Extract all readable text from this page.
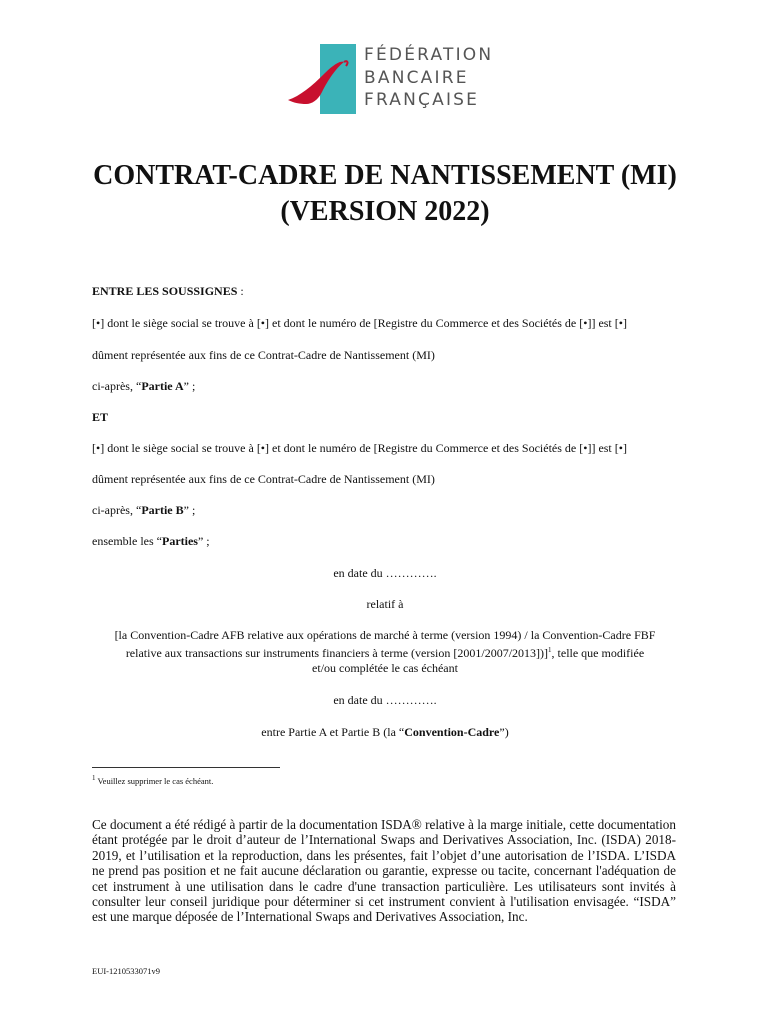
FÉDÉRATION
BANCAIRE
FRANÇAISE
CONTRAT-CADRE DE NANTISSEMENT (MI)
(VERSION 2022)
ENTRE LES SOUSSIGNES :
[•] dont le siège social se trouve à [•] et dont le numéro de [Registre du Commerce et des Sociétés de [•]] est [•]
dûment représentée aux fins de ce Contrat-Cadre de Nantissement (MI)
ci-après, “Partie A” ;
ET
[•] dont le siège social se trouve à [•] et dont le numéro de [Registre du Commerce et des Sociétés de [•]] est [•]
dûment représentée aux fins de ce Contrat-Cadre de Nantissement (MI)
ci-après, “Partie B” ;
ensemble les “Parties” ;
en date du ………….
relatif à
[la Convention-Cadre AFB relative aux opérations de marché à terme (version 1994) / la Convention-Cadre FBF
relative aux transactions sur instruments financiers à terme (version [2001/2007/2013])]$^1$, telle que modifiée
et/ou complétée le cas échéant
en date du ………….
entre Partie A et Partie B (la “Convention-Cadre”)
$^1$ Veuillez supprimer le cas échéant.
Ce document a été rédigé à partir de la documentation ISDA® relative à la marge initiale, cette documentation étant protégée par le droit d’auteur de l’International Swaps and Derivatives Association, Inc. (ISDA) 2018-2019, et l’utilisation et la reproduction, dans les présentes, fait l’objet d’une autorisation de l’ISDA. L’ISDA ne prend pas position et ne fait aucune déclaration ou garantie, expresse ou tacite, concernant l'adéquation de cet instrument à une utilisation dans le cadre d'une transaction particulière. Les utilisateurs sont invités à consulter leur conseil juridique pour déterminer si cet instrument convient à l'utilisation envisagée. “ISDA” est une marque déposée de l’International Swaps and Derivatives Association, Inc.
EUI-1210533071v9
